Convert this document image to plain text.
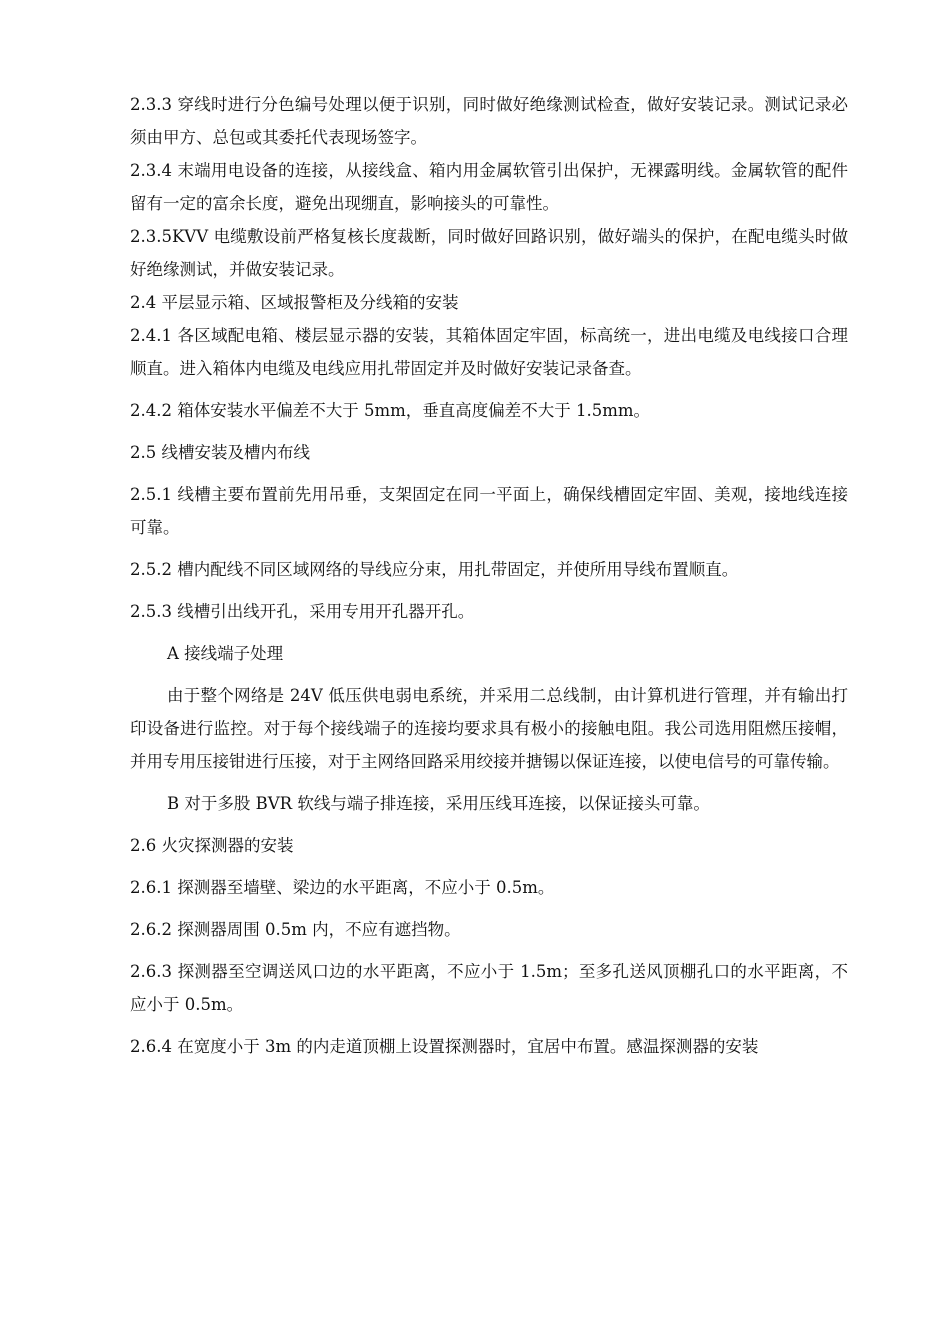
2.3.3 穿线时进行分色编号处理以便于识别，同时做好绝缘测试检查，做好安装记录。测试记录必须由甲方、总包或其委托代表现场签字。

2.3.4 末端用电设备的连接，从接线盒、箱内用金属软管引出保护，无裸露明线。金属软管的配件留有一定的富余长度，避免出现绷直，影响接头的可靠性。

2.3.5KVV 电缆敷设前严格复核长度裁断，同时做好回路识别，做好端头的保护，在配电缆头时做好绝缘测试，并做安装记录。

2.4 平层显示箱、区域报警柜及分线箱的安装

2.4.1 各区域配电箱、楼层显示器的安装，其箱体固定牢固，标高统一，进出电缆及电线接口合理顺直。进入箱体内电缆及电线应用扎带固定并及时做好安装记录备查。

2.4.2 箱体安装水平偏差不大于 5mm，垂直高度偏差不大于 1.5mm。

2.5 线槽安装及槽内布线

2.5.1 线槽主要布置前先用吊垂，支架固定在同一平面上，确保线槽固定牢固、美观，接地线连接可靠。

2.5.2 槽内配线不同区域网络的导线应分束，用扎带固定，并使所用导线布置顺直。

2.5.3 线槽引出线开孔，采用专用开孔器开孔。

A 接线端子处理

由于整个网络是 24V 低压供电弱电系统，并采用二总线制，由计算机进行管理，并有输出打印设备进行监控。对于每个接线端子的连接均要求具有极小的接触电阻。我公司选用阻燃压接帽，并用专用压接钳进行压接，对于主网络回路采用绞接并搪锡以保证连接，以使电信号的可靠传输。

B 对于多股 BVR 软线与端子排连接，采用压线耳连接，以保证接头可靠。

2.6 火灾探测器的安装

2.6.1 探测器至墙壁、梁边的水平距离，不应小于 0.5m。

2.6.2 探测器周围 0.5m 内，不应有遮挡物。

2.6.3 探测器至空调送风口边的水平距离，不应小于 1.5m；至多孔送风顶棚孔口的水平距离，不应小于 0.5m。

2.6.4 在宽度小于 3m 的内走道顶棚上设置探测器时，宜居中布置。感温探测器的安装
